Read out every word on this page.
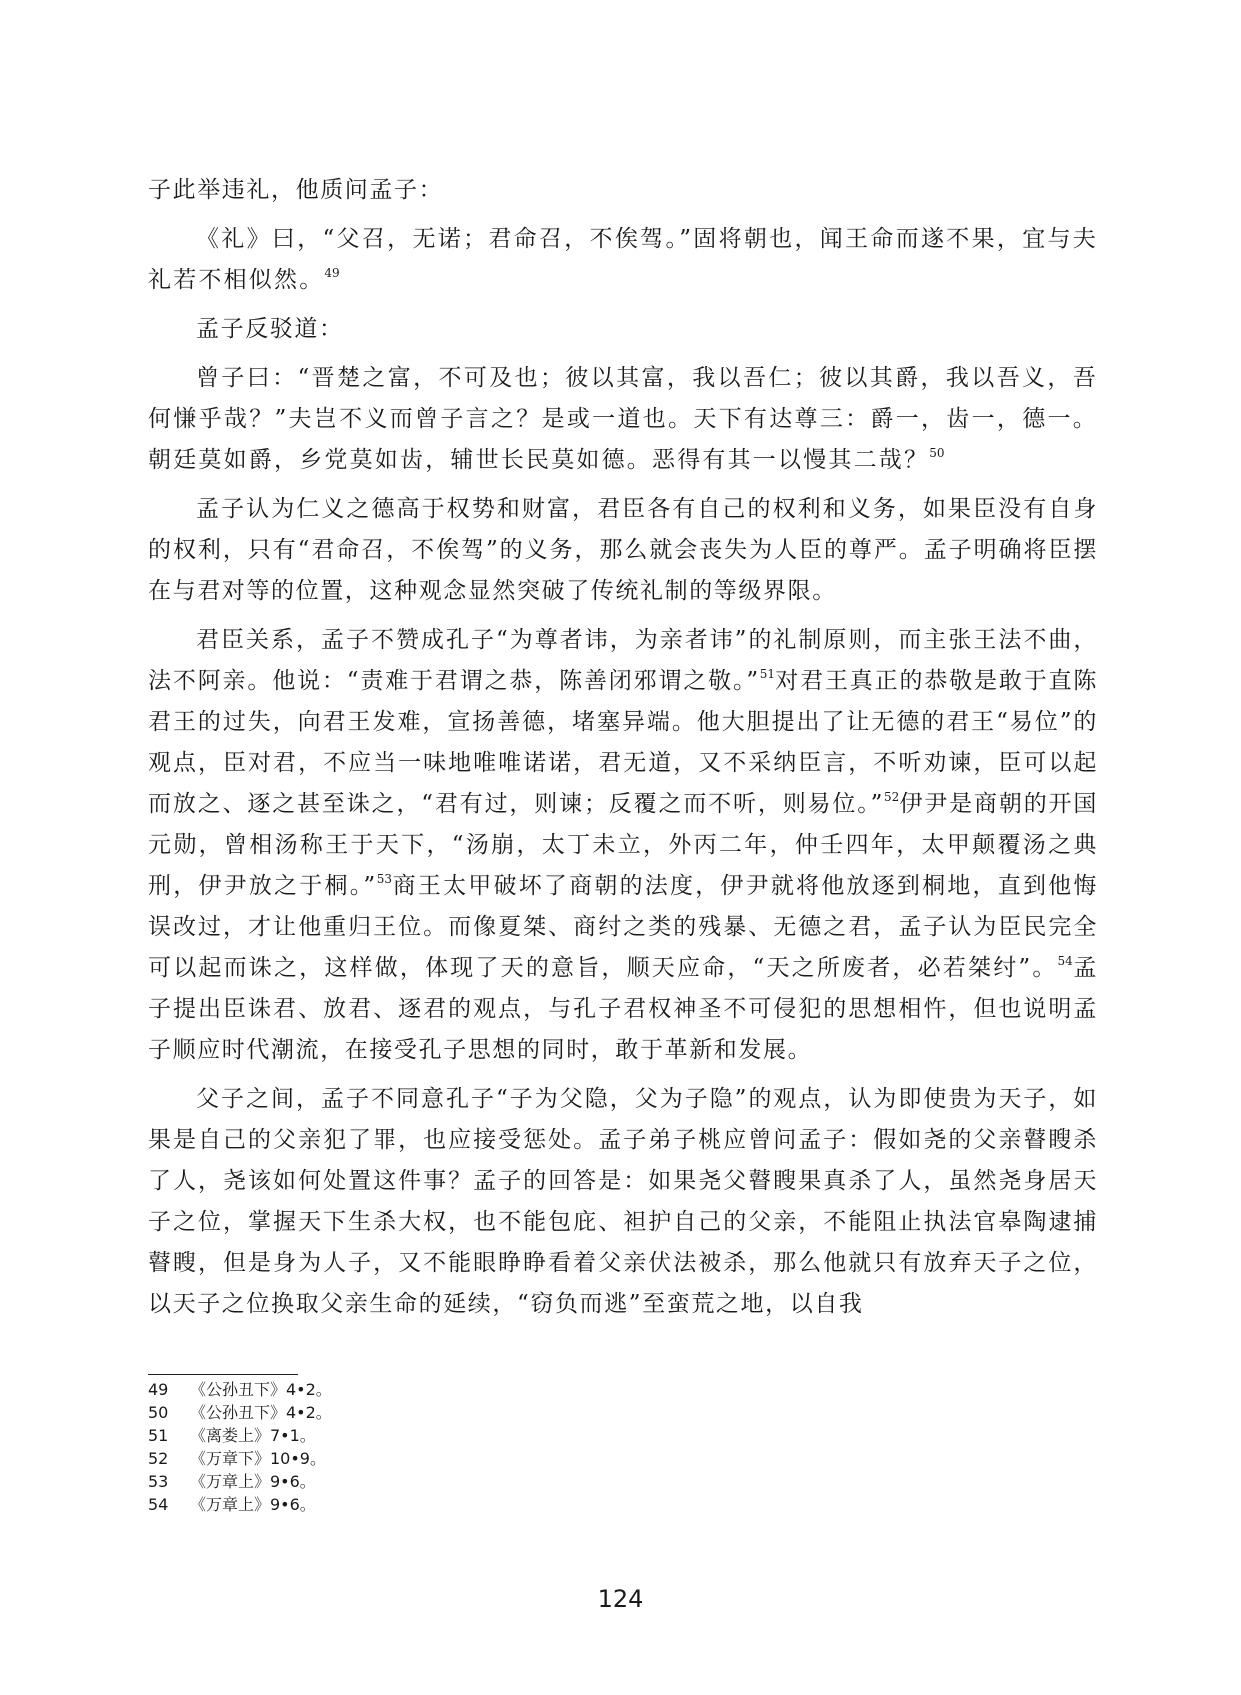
子此举违礼，他质问孟子：

《礼》曰，“父召，无诺；君命召，不俟驾。”固将朝也，闻王命而遂不果，宜与夫礼若不相似然。$^{49}$

孟子反驳道：

曾子曰：“晋楚之富，不可及也；彼以其富，我以吾仁；彼以其爵，我以吾义，吾何慊乎哉？”夫岂不义而曾子言之？是或一道也。天下有达尊三：爵一，齿一，德一。朝廷莫如爵，乡党莫如齿，辅世长民莫如德。恶得有其一以慢其二哉？$^{50}$

孟子认为仁义之德高于权势和财富，君臣各有自己的权利和义务，如果臣没有自身的权利，只有“君命召，不俟驾”的义务，那么就会丧失为人臣的尊严。孟子明确将臣摆在与君对等的位置，这种观念显然突破了传统礼制的等级界限。

君臣关系，孟子不赞成孔子“为尊者讳，为亲者讳”的礼制原则，而主张王法不曲，法不阿亲。他说：“责难于君谓之恭，陈善闭邪谓之敬。”$^{51}$对君王真正的恭敬是敢于直陈君王的过失，向君王发难，宣扬善德，堵塞异端。他大胆提出了让无德的君王“易位”的观点，臣对君，不应当一味地唯唯诺诺，君无道，又不采纳臣言，不听劝谏，臣可以起而放之、逐之甚至诛之，“君有过，则谏；反覆之而不听，则易位。”$^{52}$伊尹是商朝的开国元勋，曾相汤称王于天下，“汤崩，太丁未立，外丙二年，仲壬四年，太甲颠覆汤之典刑，伊尹放之于桐。”$^{53}$商王太甲破坏了商朝的法度，伊尹就将他放逐到桐地，直到他悔误改过，才让他重归王位。而像夏桀、商纣之类的残暴、无德之君，孟子认为臣民完全可以起而诛之，这样做，体现了天的意旨，顺天应命，“天之所废者，必若桀纣”。$^{54}$孟子提出臣诛君、放君、逐君的观点，与孔子君权神圣不可侵犯的思想相忤，但也说明孟子顺应时代潮流，在接受孔子思想的同时，敢于革新和发展。

父子之间，孟子不同意孔子“子为父隐，父为子隐”的观点，认为即使贵为天子，如果是自己的父亲犯了罪，也应接受惩处。孟子弟子桃应曾问孟子：假如尧的父亲瞽瞍杀了人，尧该如何处置这件事？孟子的回答是：如果尧父瞽瞍果真杀了人，虽然尧身居天子之位，掌握天下生杀大权，也不能包庇、袒护自己的父亲，不能阻止执法官皋陶逮捕瞽瞍，但是身为人子，又不能眼睁睁看着父亲伏法被杀，那么他就只有放弃天子之位，以天子之位换取父亲生命的延续，“窃负而逃”至蛮荒之地，以自我

49	《公孙丑下》4•2。
50	《公孙丑下》4•2。
51	《离娄上》7•1。
52	《万章下》10•9。
53	《万章上》9•6。
54	《万章上》9•6。
124
